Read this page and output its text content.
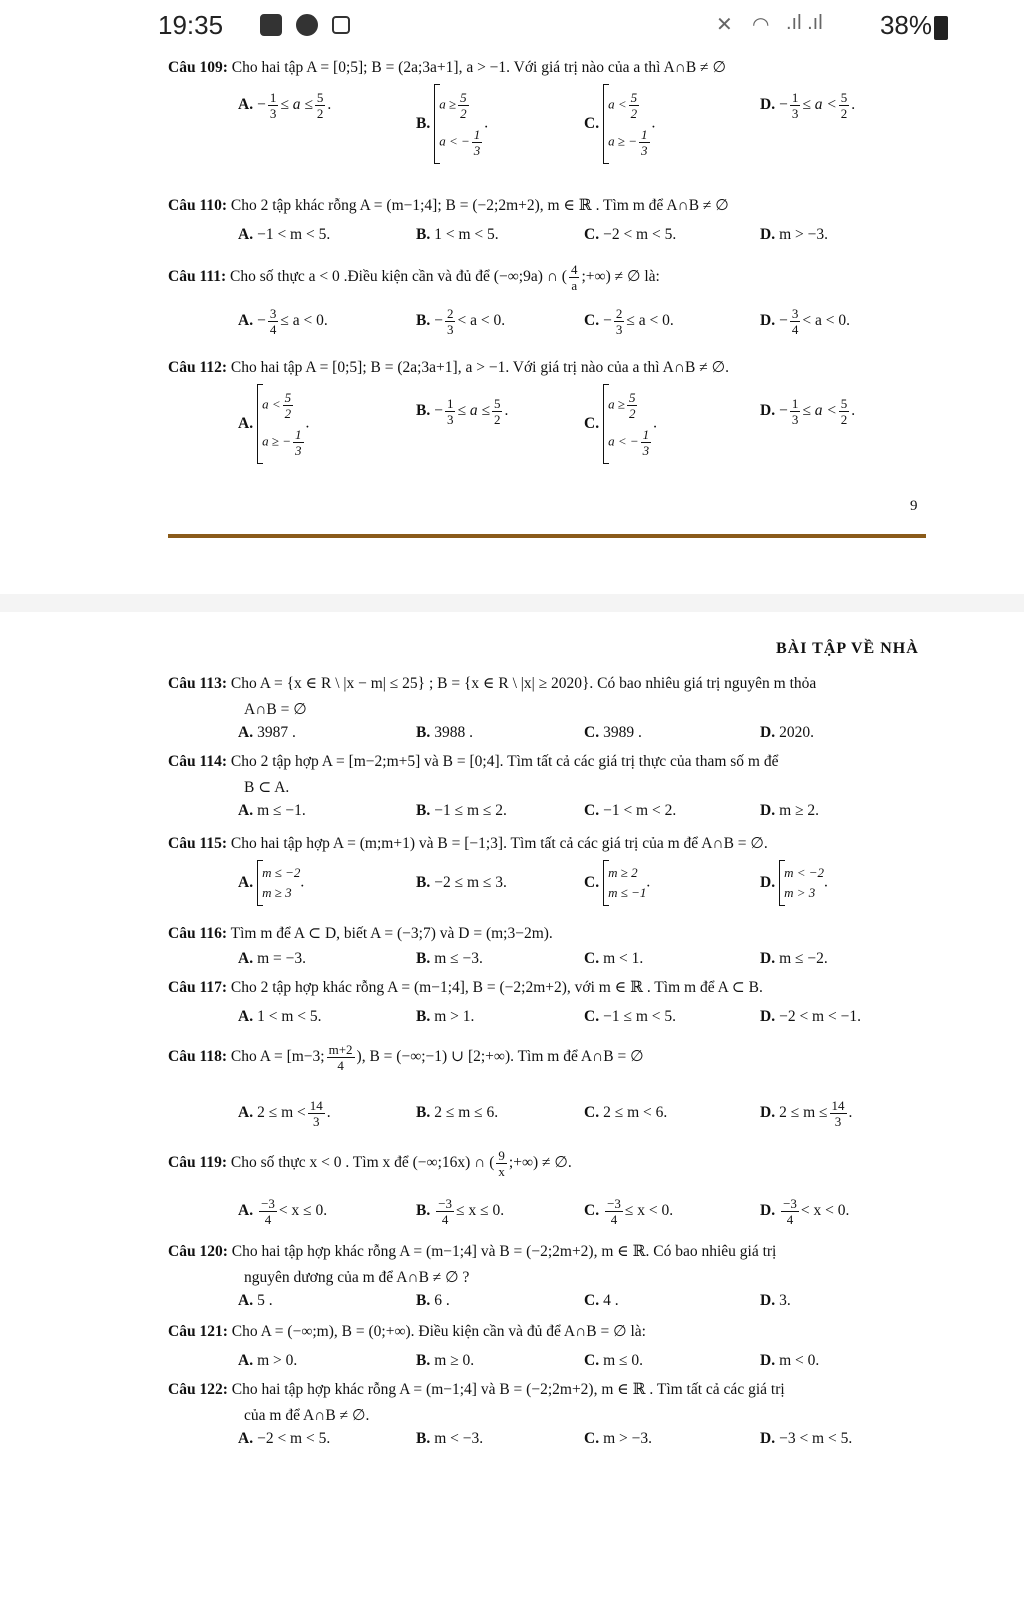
19:35	✕ ◠ .ıl .ıl 38%
Câu 109: Cho hai tập A = [0;5]; B = (2a;3a+1], a > −1. Với giá trị nào của a thì A∩B ≠ ∅
A. − $\frac{1}{3} \le a \le \frac{5}{2}$ .
B.
$a \ge \frac{5}{2}$
a < − $\frac{1}{3}$
.	C.
$a < \frac{5}{2}$
a ≥ − $\frac{1}{3}$
.
D. − $\frac{1}{3} \le a < \frac{5}{2}$ .
Câu 110: Cho 2 tập khác rỗng A = (m−1;4]; B = (−2;2m+2), m ∈ ℝ . Tìm m để A∩B ≠ ∅
A. −1 < m < 5.	B. 1 < m < 5.	C. −2 < m < 5.	D. m > −3.
Câu 111: Cho số thực a < 0 .Điều kiện cần và đủ để (−∞;9a) ∩ ( $\frac{4}{a}$ ;+∞) ≠ ∅ là:
A. − $\frac{3}{4} \le a < 0$.	B. − $\frac{2}{3} < a < 0$.	C. − $\frac{2}{3} \le a < 0$.	D. − $\frac{3}{4} < a < 0$.
Câu 112: Cho hai tập A = [0;5]; B = (2a;3a+1], a > −1. Với giá trị nào của a thì A∩B ≠ ∅.
A.
$a < \frac{5}{2}$
a ≥ − $\frac{1}{3}$
.
B. − $\frac{1}{3} \le a \le \frac{5}{2}$ .
C.
$a \ge \frac{5}{2}$
a < − $\frac{1}{3}$
.
D. − $\frac{1}{3} \le a < \frac{5}{2}$ .
9
BÀI TẬP VỀ NHÀ
Câu 113: Cho A = {x ∈ R \ |x − m| ≤ 25} ; B = {x ∈ R \ |x| ≥ 2020}. Có bao nhiêu giá trị nguyên m thỏa
A∩B = ∅
A. 3987 .	B. 3988 .	C. 3989 .	D. 2020.
Câu 114: Cho 2 tập hợp A = [m−2;m+5] và B = [0;4]. Tìm tất cả các giá trị thực của tham số m để
B ⊂ A.
A. m ≤ −1.	B. −1 ≤ m ≤ 2.	C. −1 < m < 2.	D. m ≥ 2.
Câu 115: Cho hai tập hợp A = (m;m+1) và B = [−1;3]. Tìm tất cả các giá trị của m để A∩B = ∅.
A.
m ≤ −2
m ≥ 3
.	B. −2 ≤ m ≤ 3.	C.
m ≥ 2
m ≤ −1
.	D.
m < −2
m > 3
.
Câu 116: Tìm m để A ⊂ D, biết A = (−3;7) và D = (m;3−2m).
A. m = −3.	B. m ≤ −3.	C. m < 1.	D. m ≤ −2.
Câu 117: Cho 2 tập hợp khác rỗng A = (m−1;4], B = (−2;2m+2), với m ∈ ℝ . Tìm m để A ⊂ B.
A. 1 < m < 5.	B. m > 1.	C. −1 ≤ m < 5.	D. −2 < m < −1.
Câu 118: Cho A = [m−3; $\frac{m+2}{4}$ ), B = (−∞;−1) ∪ [2;+∞). Tìm m để A∩B = ∅
A. $2 \le m < \frac{14}{3}$ .	B. 2 ≤ m ≤ 6.	C. 2 ≤ m < 6.	D. $2 \le m \le \frac{14}{3}$ .
Câu 119: Cho số thực x < 0 . Tìm x để (−∞;16x) ∩ ( $\frac{9}{x}$ ;+∞) ≠ ∅.
A. $\frac{-3}{4} < x \le 0$.	B. $\frac{-3}{4} \le x \le 0$.	C. $\frac{-3}{4} \le x < 0$.	D. $\frac{-3}{4} < x < 0$.
Câu 120: Cho hai tập hợp khác rỗng A = (m−1;4] và B = (−2;2m+2), m ∈ ℝ. Có bao nhiêu giá trị
nguyên dương của m để A∩B ≠ ∅ ?
A. 5 .	B. 6 .	C. 4 .	D. 3.
Câu 121: Cho A = (−∞;m), B = (0;+∞). Điều kiện cần và đủ để A∩B = ∅ là:
A. m > 0.	B. m ≥ 0.	C. m ≤ 0.	D. m < 0.
Câu 122: Cho hai tập hợp khác rỗng A = (m−1;4] và B = (−2;2m+2), m ∈ ℝ . Tìm tất cả các giá trị
của m để A∩B ≠ ∅.
A. −2 < m < 5.	B. m < −3.	C. m > −3.	D. −3 < m < 5.
